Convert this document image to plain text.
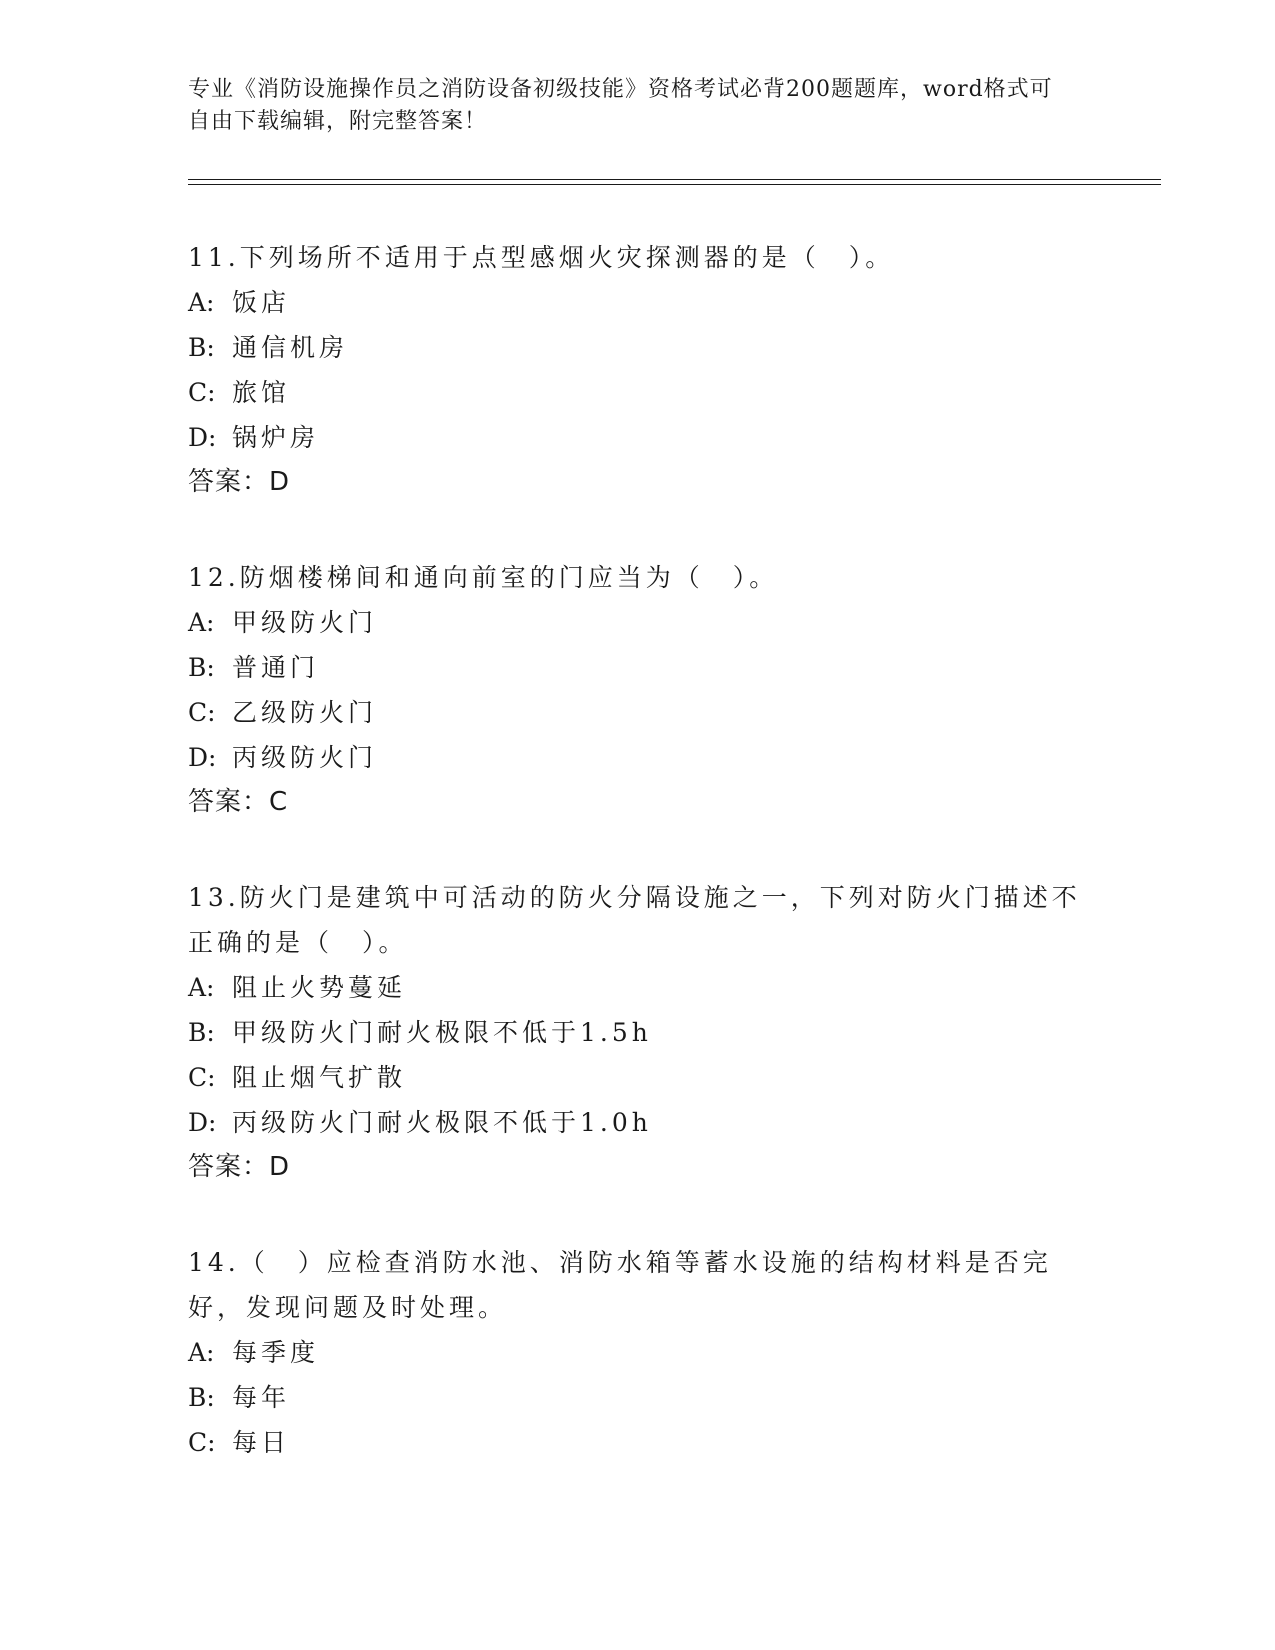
专业《消防设施操作员之消防设备初级技能》资格考试必背200题题库，word格式可自由下载编辑，附完整答案！
11.下列场所不适用于点型感烟火灾探测器的是（　）。
A: 饭店
B: 通信机房
C: 旅馆
D: 锅炉房
答案：D
12.防烟楼梯间和通向前室的门应当为（　）。
A: 甲级防火门
B: 普通门
C: 乙级防火门
D: 丙级防火门
答案：C
13.防火门是建筑中可活动的防火分隔设施之一，下列对防火门描述不正确的是（　）。
A: 阻止火势蔓延
B: 甲级防火门耐火极限不低于1.5h
C: 阻止烟气扩散
D: 丙级防火门耐火极限不低于1.0h
答案：D
14.（　）应检查消防水池、消防水箱等蓄水设施的结构材料是否完好，发现问题及时处理。
A: 每季度
B: 每年
C: 每日
